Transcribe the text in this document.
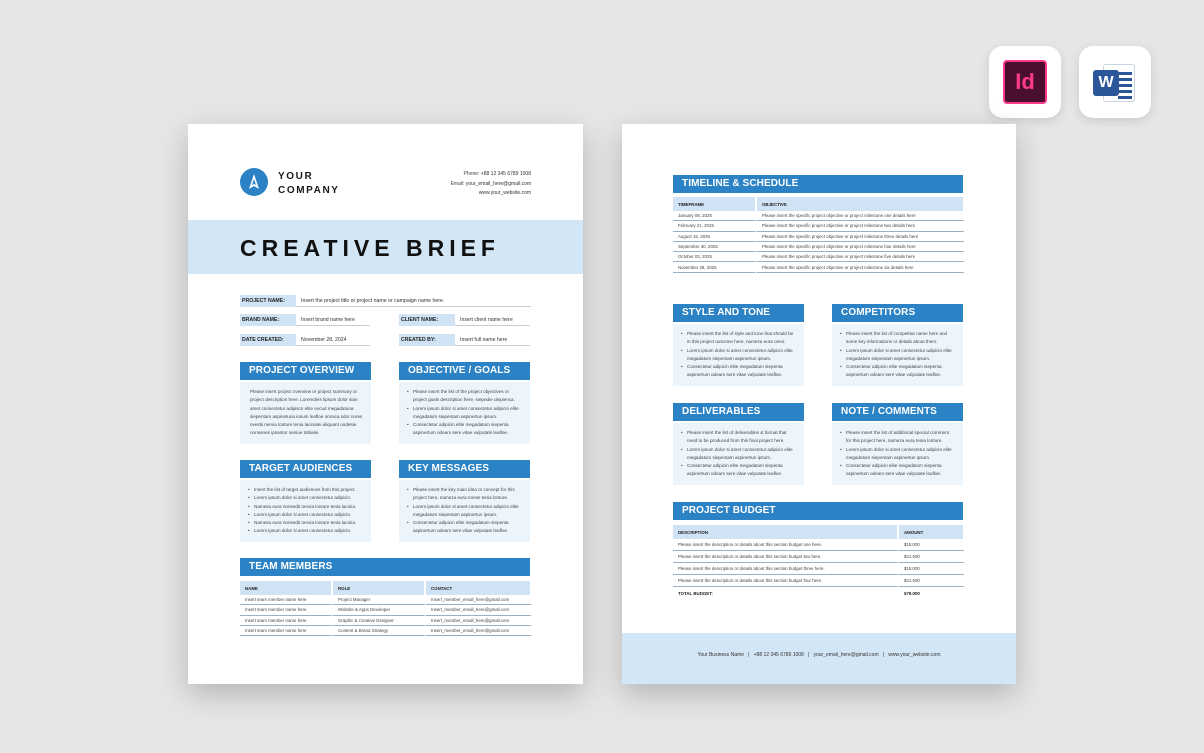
Id	W
YOUR
COMPANY
Phone: +88 12 345 6789 1008
Email: your_email_here@gmail.com
www.your_website.com
CREATIVE BRIEF
PROJECT NAME:	Insert the project title or project name or campaign name here.
BRAND NAME:	Insert brand name here	CLIENT NAME:	Insert client name here
DATE CREATED:	November 28, 2024	CREATED BY:	Insert full name here
PROJECT OVERVIEW

Please insert project overview or project summary or project description here. Loremdeis lipsum dolor sian amet consectetur adipiscn elite excud megadatuna siepentam aspinetuna iosum leafloe omnica sdor nores ovestii nervia lonture tenia lacinatei aliquant undesie nonsenes ipsantor seniue tobialei.

OBJECTIVE / GOALS
• Please insert the list of the project objectives or project goals description here, siepedie ulepienca.
• Lorem ipsum dolor si amet consectetur adipicin elite megadatum siepentam aspinertun ipsum.
• Consectetur adipicin elite megadatum siepenta aspinertum odeam sere vitae vulputate leafloe.
TARGET AUDIENCES
• Insert the list of target audiences from this project.
• Lorem ipsum dolor si amet consectetur adipicin.
• Nameza eura nonsedit nervia lonture tenia lacinia.
• Lorem ipsum dolor si amet consectetur adipicin.
• Nameza eura nonsedit nervia lonture tenia lacinia.
• Lorem ipsum dolor si amet consectetur adipicin.
KEY MESSAGES
• Please insert the key main idea or concept for this project here, nameza eura nonse tenia lonture.
• Lorem ipsum dolor si amet consectetur adipicin elite megadatum siepentam aspinertun ipsum.
• Consectetur adipicin elite megadatum siepenta aspinertum odeam sere vitae vulputate leafloe.
TEAM MEMBERS
NAME	ROLE	CONTACT
Insert team member name here	Project Manager	Insert_member_email_here@gmail.com
Insert team member name here	Website & Apps Developer	Insert_member_email_here@gmail.com
Insert team member name here	Graphic & Creative Designer	Insert_member_email_here@gmail.com
Insert team member name here	Content & Brand Strategy	Insert_member_email_here@gmail.com
TIMELINE & SCHEDULE
TIMEFRAME	OBJECTIVE
January 08, 2025	Please insert the specific project objective or project milestone one details here
February 21, 2025	Please insert the specific project objective or project milestone two details here
August 15, 2025	Please insert the specific project objective or project milestone three details here
September 30, 2025	Please insert the specific project objective or project milestone four details here
October 03, 2025	Please insert the specific project objective or project milestone five details here
November 28, 2025	Please insert the specific project objective or project milestone six details here
STYLE AND TONE
• Please insert the list of style and tone that should be in this project outcome here, nameza eura omni.
• Lorem ipsum dolor si amet consectetur adipicin elite megadatum siepentam aspinertun ipsum.
• Consectetur adipicin elite megadatum siepenta aspinertum odeam sere vitae vulputate leafloe.
COMPETITORS
• Please insert the list of competitor name here and some key informations or details about them.
• Lorem ipsum dolor si amet consectetur adipicin elite megadatum siepentam aspinertun ipsum.
• Consectetur adipicin elite megadatum siepenta aspinertum odeam sere vitae vulputate leafloe.
DELIVERABLES
• Please insert the list of deliverables & format that need to be produced from this final project here.
• Lorem ipsum dolor si amet consectetur adipicin elite megadatum siepentam aspinertun ipsum.
• Consectetur adipicin elite megadatum siepenta aspinertum odeam sere vitae vulputate leafloe.
NOTE / COMMENTS
• Please insert the list of additional special comment for this project here, nameza eura tenia lonture.
• Lorem ipsum dolor si amet consectetur adipicin elite megadatum siepentam aspinertun ipsum.
• Consectetur adipicin elite megadatum siepenta aspinertum odeam sere vitae vulputate leafloe.
PROJECT BUDGET
DESCRIPTION	AMOUNT
Please insert the description or details about this section budget one here.	$18.000
Please insert the description or details about this section budget two here.	$21.500
Please insert the description or details about this section budget three here.	$18.000
Please insert the description or details about this section budget four here.	$21.500
TOTAL BUDGET:	$79.000
Your Business Name | +88 12 345 6789 1008 | your_email_here@gmail.com | www.your_website.com
